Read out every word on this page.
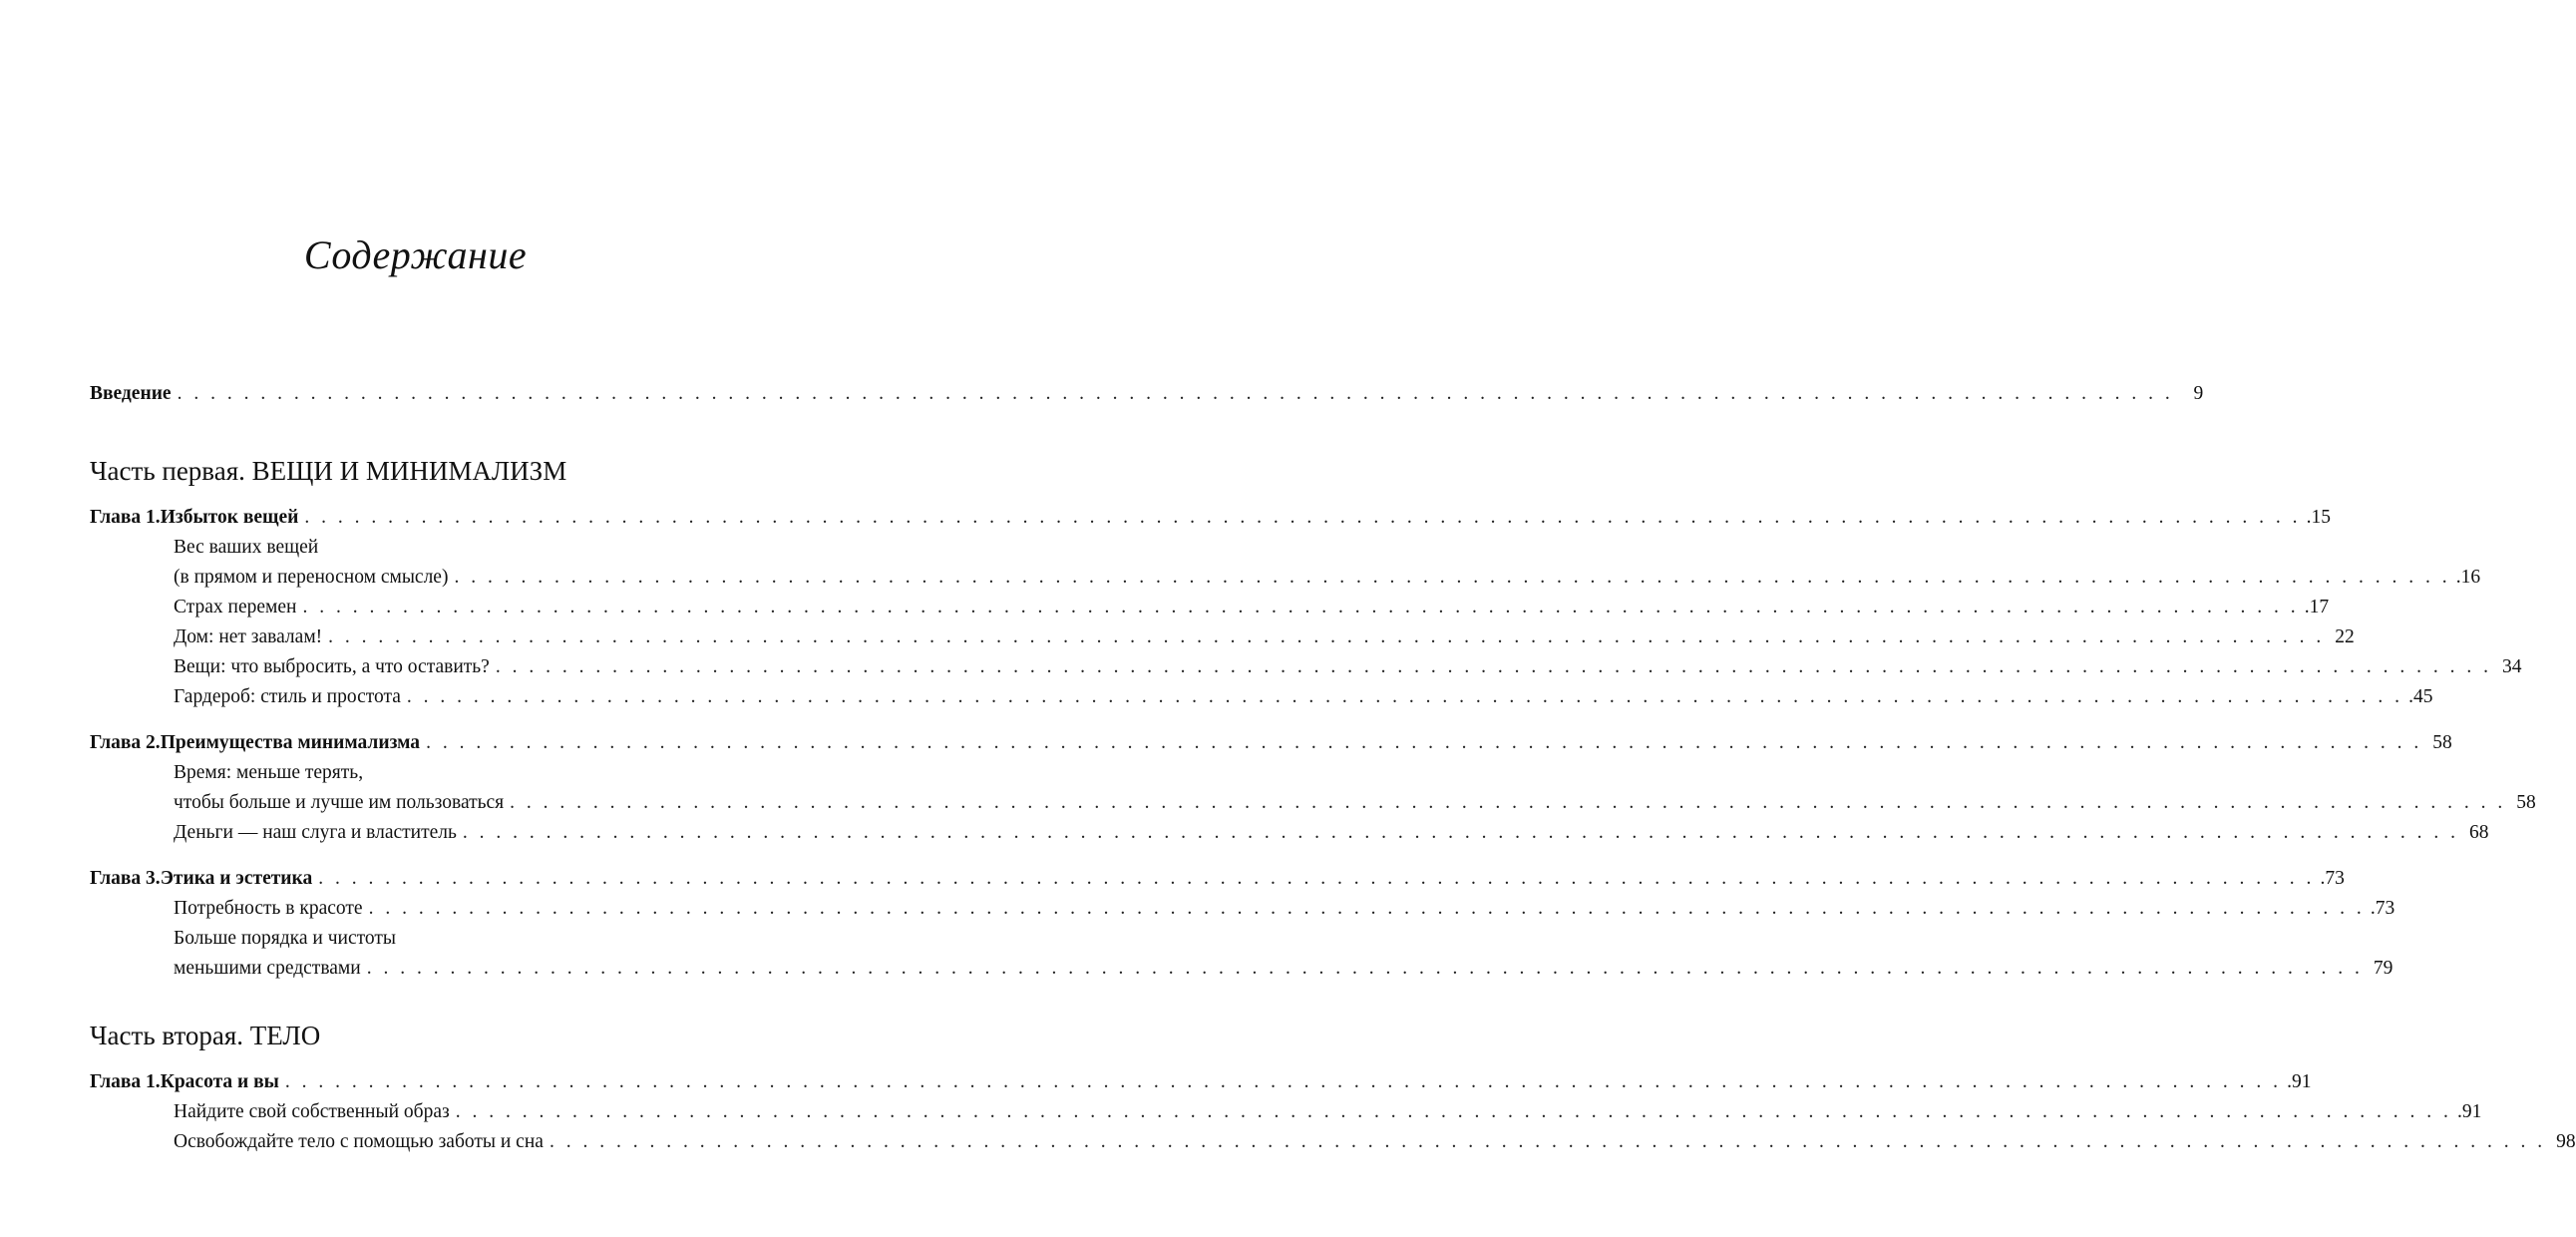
Содержание
Введение . . . . . . . . . . . . . . . . . . . . . . . . . . . . . . . . . . . . . . . . . . . . . . . . . . . . . . . . . . . . . . . . . . . . . . . . . . . . . . . . . . . . . . . . . . . . . . . . . . . . . . . . . . . . . . . . . . . . . . . .	9
Часть первая. ВЕЩИ И МИНИМАЛИЗМ
Глава 1. Избыток вещей . . . . . . . . . . . . . . . . . . . . . . . . . . . . . . . . . . . . . . . . . . . . . . . . . . . . . . . . . . . . . . . . . . . . . . . . . . . . . . . . . . . . . . . . . . . . . . . . . . . . . . . . . . . . . . . . . . . . . . . . .15
Вес ваших вещей
(в прямом и переносном смысле) . . . . . . . . . . . . . . . . . . . . . . . . . . . . . . . . . . . . . . . . . . . . . . . . . . . . . . . . . . . . . . . . . . . . . . . . . . . . . . . . . . . . . . . . . . . . . . . . . . . . . . . . . . . . . . . . . . . . . . . . .16
Страх перемен . . . . . . . . . . . . . . . . . . . . . . . . . . . . . . . . . . . . . . . . . . . . . . . . . . . . . . . . . . . . . . . . . . . . . . . . . . . . . . . . . . . . . . . . . . . . . . . . . . . . . . . . . . . . . . . . . . . . . . . . .17
Дом: нет завалам! . . . . . . . . . . . . . . . . . . . . . . . . . . . . . . . . . . . . . . . . . . . . . . . . . . . . . . . . . . . . . . . . . . . . . . . . . . . . . . . . . . . . . . . . . . . . . . . . . . . . . . . . . . . . . . . . . . . . . . . . 22
Вещи: что выбросить, а что оставить? . . . . . . . . . . . . . . . . . . . . . . . . . . . . . . . . . . . . . . . . . . . . . . . . . . . . . . . . . . . . . . . . . . . . . . . . . . . . . . . . . . . . . . . . . . . . . . . . . . . . . . . . . . . . . . . . . . . . . . . . 34
Гардероб: стиль и простота . . . . . . . . . . . . . . . . . . . . . . . . . . . . . . . . . . . . . . . . . . . . . . . . . . . . . . . . . . . . . . . . . . . . . . . . . . . . . . . . . . . . . . . . . . . . . . . . . . . . . . . . . . . . . . . . . . . . . . . . .45
Глава 2. Преимущества минимализма . . . . . . . . . . . . . . . . . . . . . . . . . . . . . . . . . . . . . . . . . . . . . . . . . . . . . . . . . . . . . . . . . . . . . . . . . . . . . . . . . . . . . . . . . . . . . . . . . . . . . . . . . . . . . . . . . . . . . . . . 58
Время: меньше терять,
чтобы больше и лучше им пользоваться . . . . . . . . . . . . . . . . . . . . . . . . . . . . . . . . . . . . . . . . . . . . . . . . . . . . . . . . . . . . . . . . . . . . . . . . . . . . . . . . . . . . . . . . . . . . . . . . . . . . . . . . . . . . . . . . . . . . . . . . 58
Деньги — наш слуга и властитель . . . . . . . . . . . . . . . . . . . . . . . . . . . . . . . . . . . . . . . . . . . . . . . . . . . . . . . . . . . . . . . . . . . . . . . . . . . . . . . . . . . . . . . . . . . . . . . . . . . . . . . . . . . . . . . . . . . . . . . . 68
Глава 3. Этика и эстетика . . . . . . . . . . . . . . . . . . . . . . . . . . . . . . . . . . . . . . . . . . . . . . . . . . . . . . . . . . . . . . . . . . . . . . . . . . . . . . . . . . . . . . . . . . . . . . . . . . . . . . . . . . . . . . . . . . . . . . . . .73
Потребность в красоте . . . . . . . . . . . . . . . . . . . . . . . . . . . . . . . . . . . . . . . . . . . . . . . . . . . . . . . . . . . . . . . . . . . . . . . . . . . . . . . . . . . . . . . . . . . . . . . . . . . . . . . . . . . . . . . . . . . . . . . . .73
Больше порядка и чистоты
меньшими средствами . . . . . . . . . . . . . . . . . . . . . . . . . . . . . . . . . . . . . . . . . . . . . . . . . . . . . . . . . . . . . . . . . . . . . . . . . . . . . . . . . . . . . . . . . . . . . . . . . . . . . . . . . . . . . . . . . . . . . . . . 79
Часть вторая. ТЕЛО
Глава 1. Красота и вы . . . . . . . . . . . . . . . . . . . . . . . . . . . . . . . . . . . . . . . . . . . . . . . . . . . . . . . . . . . . . . . . . . . . . . . . . . . . . . . . . . . . . . . . . . . . . . . . . . . . . . . . . . . . . . . . . . . . . . . . .91
Найдите свой собственный образ . . . . . . . . . . . . . . . . . . . . . . . . . . . . . . . . . . . . . . . . . . . . . . . . . . . . . . . . . . . . . . . . . . . . . . . . . . . . . . . . . . . . . . . . . . . . . . . . . . . . . . . . . . . . . . . . . . . . . . . . .91
Освобождайте тело с помощью заботы и сна . . . . . . . . . . . . . . . . . . . . . . . . . . . . . . . . . . . . . . . . . . . . . . . . . . . . . . . . . . . . . . . . . . . . . . . . . . . . . . . . . . . . . . . . . . . . . . . . . . . . . . . . . . . . . . . . . . . . . . . . 98
